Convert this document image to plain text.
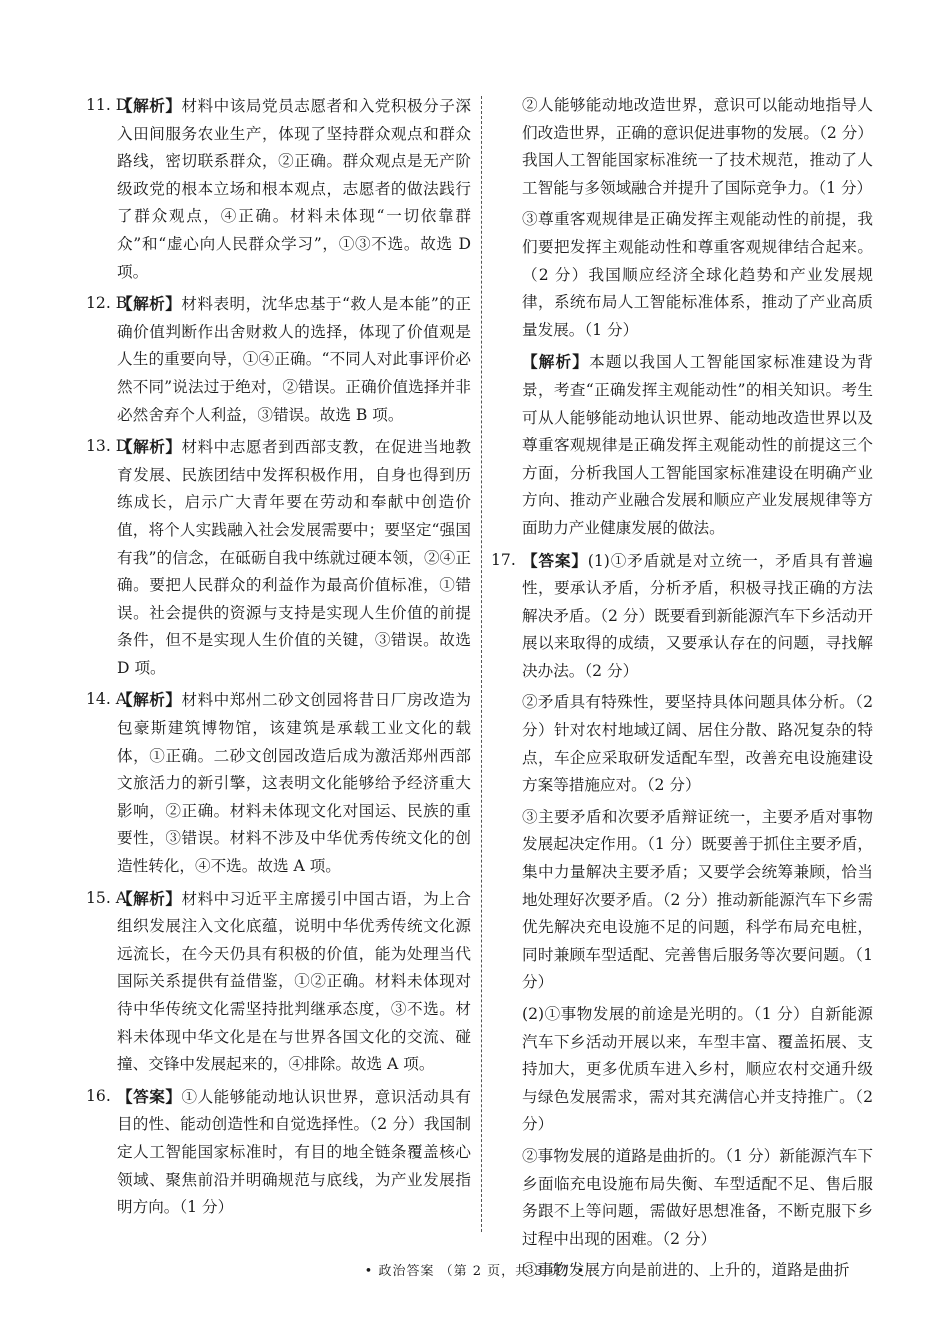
11. D
【解析】材料中该局党员志愿者和入党积极分子深入田间服务农业生产，体现了坚持群众观点和群众路线，密切联系群众，②正确。群众观点是无产阶级政党的根本立场和根本观点，志愿者的做法践行了群众观点，④正确。材料未体现“一切依靠群众”和“虚心向人民群众学习”，①③不选。故选 D 项。
12. B
【解析】材料表明，沈华忠基于“救人是本能”的正确价值判断作出舍财救人的选择，体现了价值观是人生的重要向导，①④正确。“不同人对此事评价必然不同”说法过于绝对，②错误。正确价值选择并非必然舍弃个人利益，③错误。故选 B 项。
13. D
【解析】材料中志愿者到西部支教，在促进当地教育发展、民族团结中发挥积极作用，自身也得到历练成长，启示广大青年要在劳动和奉献中创造价值，将个人实践融入社会发展需要中；要坚定“强国有我”的信念，在砥砺自我中练就过硬本领，②④正确。要把人民群众的利益作为最高价值标准，①错误。社会提供的资源与支持是实现人生价值的前提条件，但不是实现人生价值的关键，③错误。故选 D 项。
14. A
【解析】材料中郑州二砂文创园将昔日厂房改造为包豪斯建筑博物馆，该建筑是承载工业文化的载体，①正确。二砂文创园改造后成为激活郑州西部文旅活力的新引擎，这表明文化能够给予经济重大影响，②正确。材料未体现文化对国运、民族的重要性，③错误。材料不涉及中华优秀传统文化的创造性转化，④不选。故选 A 项。
15. A
【解析】材料中习近平主席援引中国古语，为上合组织发展注入文化底蕴，说明中华优秀传统文化源远流长，在今天仍具有积极的价值，能为处理当代国际关系提供有益借鉴，①②正确。材料未体现对待中华传统文化需坚持批判继承态度，③不选。材料未体现中华文化是在与世界各国文化的交流、碰撞、交锋中发展起来的，④排除。故选 A 项。
16. 【答案】①人能够能动地认识世界，意识活动具有目的性、能动创造性和自觉选择性。（2 分）我国制定人工智能国家标准时，有目的地全链条覆盖核心领域、聚焦前沿并明确规范与底线，为产业发展指明方向。（1 分）
②人能够能动地改造世界，意识可以能动地指导人们改造世界，正确的意识促进事物的发展。（2 分）我国人工智能国家标准统一了技术规范，推动了人工智能与多领域融合并提升了国际竞争力。（1 分）
③尊重客观规律是正确发挥主观能动性的前提，我们要把发挥主观能动性和尊重客观规律结合起来。（2 分）我国顺应经济全球化趋势和产业发展规律，系统布局人工智能标准体系，推动了产业高质量发展。（1 分）
【解析】本题以我国人工智能国家标准建设为背景，考查“正确发挥主观能动性”的相关知识。考生可从人能够能动地认识世界、能动地改造世界以及尊重客观规律是正确发挥主观能动性的前提这三个方面，分析我国人工智能国家标准建设在明确产业方向、推动产业融合发展和顺应产业发展规律等方面助力产业健康发展的做法。
17. 【答案】(1)①矛盾就是对立统一，矛盾具有普遍性，要承认矛盾，分析矛盾，积极寻找正确的方法解决矛盾。（2 分）既要看到新能源汽车下乡活动开展以来取得的成绩，又要承认存在的问题，寻找解决办法。（2 分）
②矛盾具有特殊性，要坚持具体问题具体分析。（2 分）针对农村地域辽阔、居住分散、路况复杂的特点，车企应采取研发适配车型，改善充电设施建设方案等措施应对。（2 分）
③主要矛盾和次要矛盾辩证统一，主要矛盾对事物发展起决定作用。（1 分）既要善于抓住主要矛盾，集中力量解决主要矛盾；又要学会统筹兼顾，恰当地处理好次要矛盾。（2 分）推动新能源汽车下乡需优先解决充电设施不足的问题，科学布局充电桩，同时兼顾车型适配、完善售后服务等次要问题。（1 分）
(2)①事物发展的前途是光明的。（1 分）自新能源汽车下乡活动开展以来，车型丰富、覆盖拓展、支持加大，更多优质车进入乡村，顺应农村交通升级与绿色发展需求，需对其充满信心并支持推广。（2 分）
②事物发展的道路是曲折的。（1 分）新能源汽车下乡面临充电设施布局失衡、车型适配不足、售后服务跟不上等问题，需做好思想准备，不断克服下乡过程中出现的困难。（2 分）
③事物发展方向是前进的、上升的，道路是曲折
• 政治答案 （第 2 页，共 3 页）•
